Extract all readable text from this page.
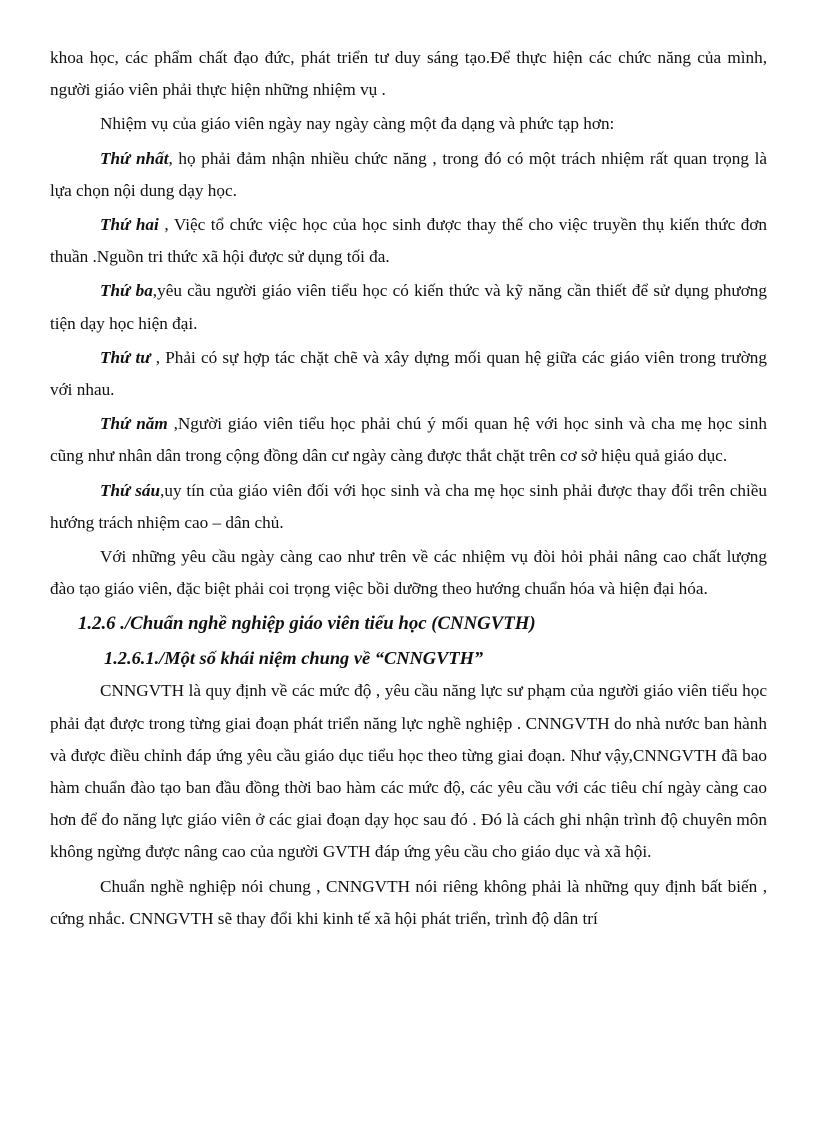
khoa học, các phẩm chất đạo đức, phát triển tư duy sáng tạo.Để thực hiện các chức năng của mình, người giáo viên phải thực hiện những nhiệm vụ .

Nhiệm vụ của giáo viên ngày nay ngày càng một đa dạng và phức tạp hơn:

Thứ nhất, họ phải đảm nhận nhiều chức năng , trong đó có một trách nhiệm rất quan trọng là lựa chọn nội dung dạy học.

Thứ hai , Việc tổ chức việc học của học sinh được thay thế cho việc truyền thụ kiến thức đơn thuần .Nguồn tri thức xã hội được sử dụng tối đa.

Thứ ba,yêu cầu người giáo viên tiểu học có kiến thức và kỹ năng cần thiết để sử dụng phương tiện dạy học hiện đại.

Thứ tư , Phải có sự hợp tác chặt chẽ và xây dựng mối quan hệ giữa các giáo viên trong trường với nhau.

Thứ năm ,Người giáo viên tiểu học phải chú ý mối quan hệ với học sinh và cha mẹ học sinh cũng như nhân dân trong cộng đồng dân cư ngày càng được thắt chặt trên cơ sở hiệu quả giáo dục.

Thứ sáu,uy tín của giáo viên đối với học sinh và cha mẹ học sinh phải được thay đổi trên chiều hướng trách nhiệm cao – dân chủ.

Với những yêu cầu ngày càng cao như trên về các nhiệm vụ đòi hỏi phải nâng cao chất lượng đào tạo giáo viên, đặc biệt phải coi trọng việc bồi dưỡng theo hướng chuẩn hóa và hiện đại hóa.

1.2.6 ./Chuẩn nghề nghiệp giáo viên tiểu học (CNNGVTH)
1.2.6.1./Một số khái niệm chung về “CNNGVTH”

CNNGVTH là quy định về các mức độ , yêu cầu năng lực sư phạm của người giáo viên tiểu học phải đạt được trong từng giai đoạn phát triển năng lực nghề nghiệp . CNNGVTH do nhà nước ban hành và được điều chỉnh đáp ứng yêu cầu giáo dục tiểu học theo từng giai đoạn. Như vậy,CNNGVTH đã bao hàm chuẩn đào tạo ban đầu đồng thời bao hàm các mức độ, các yêu cầu với các tiêu chí ngày càng cao hơn để đo năng lực giáo viên ở các giai đoạn dạy học sau đó . Đó là cách ghi nhận trình độ chuyên môn không ngừng được nâng cao của người GVTH đáp ứng yêu cầu cho giáo dục và xã hội.

Chuẩn nghề nghiệp nói chung , CNNGVTH nói riêng không phải là những quy định bất biến , cứng nhắc. CNNGVTH sẽ thay đổi khi kinh tế xã hội phát triển, trình độ dân trí
